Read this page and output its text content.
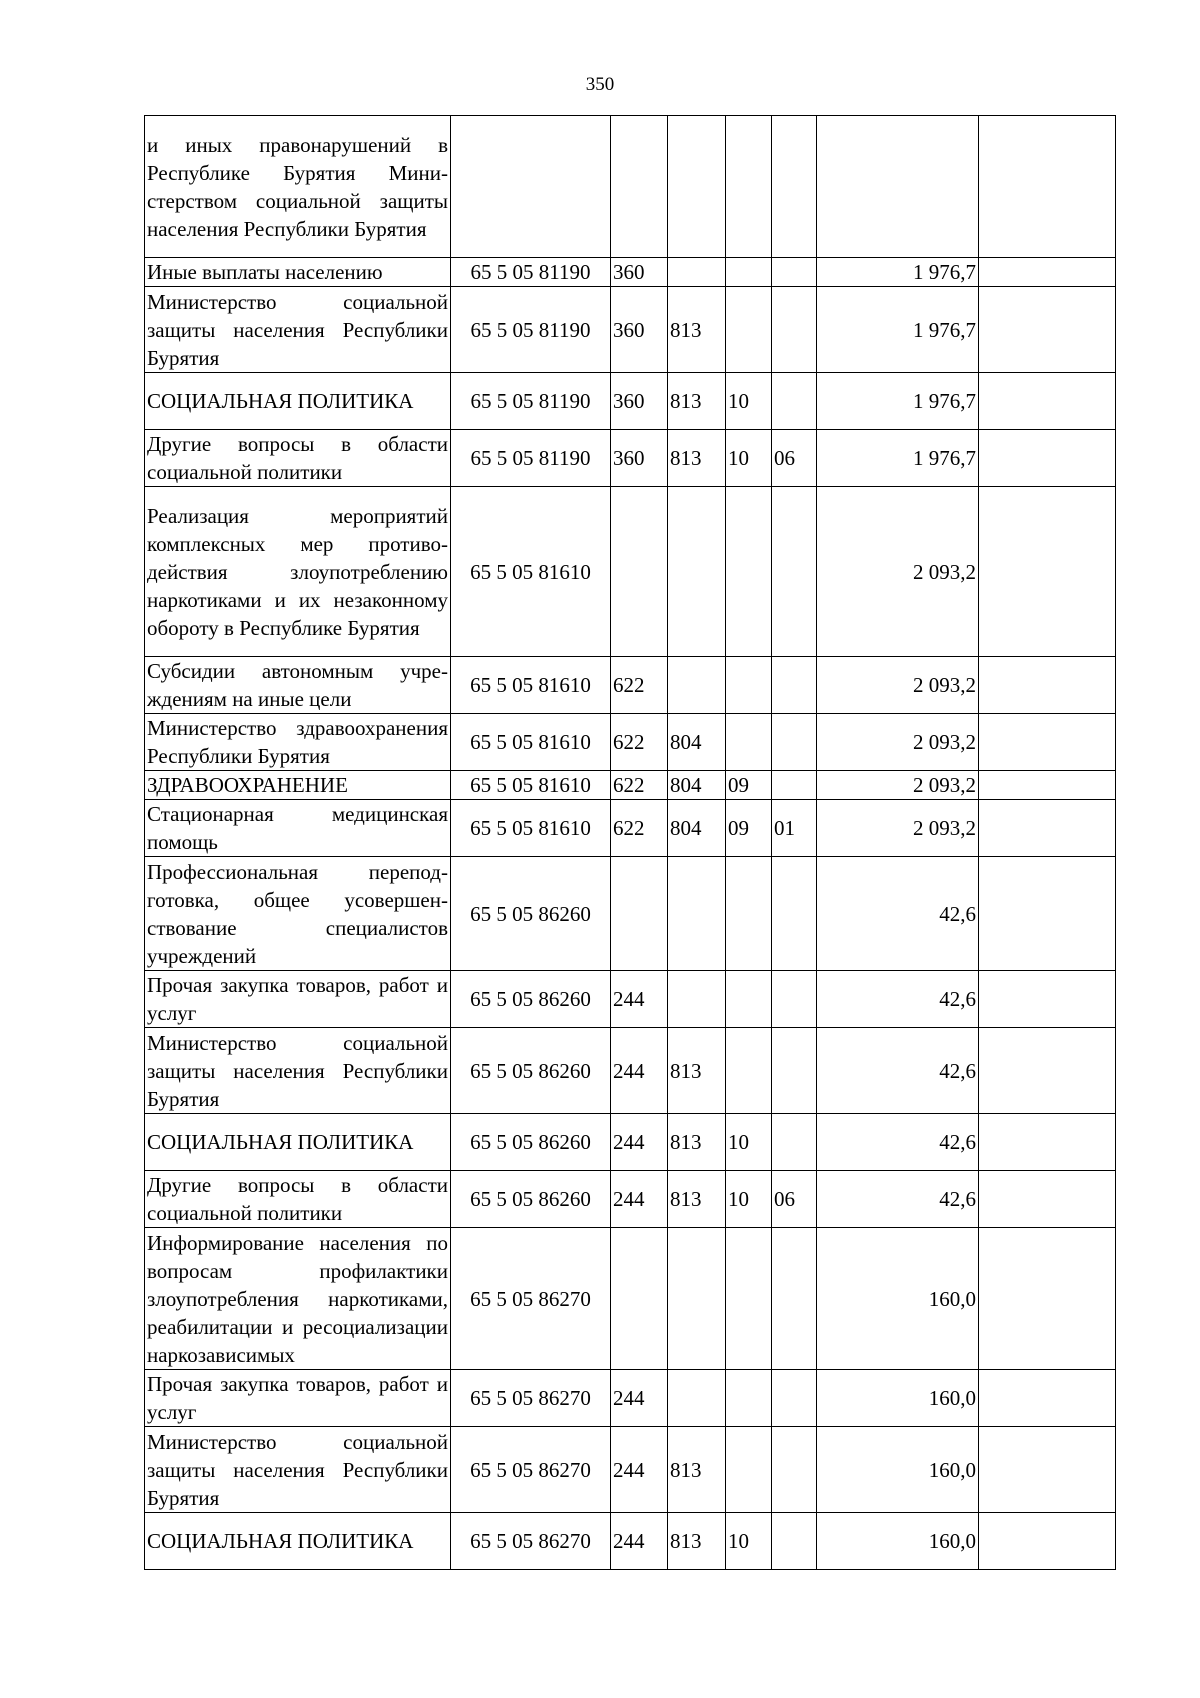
350
и иных правонарушений в Республике Бурятия Министерством социальной защиты населения Республики Бурятия							
Иные выплаты населению	65 5 05 81190	360				1 976,7	
Министерство социальной защиты населения Республики Бурятия	65 5 05 81190	360	813			1 976,7	
СОЦИАЛЬНАЯ ПОЛИТИКА	65 5 05 81190	360	813	10		1 976,7	
Другие вопросы в области социальной политики	65 5 05 81190	360	813	10	06	1 976,7	
Реализация мероприятий комплексных мер противодействия злоупотреблению наркотиками и их незаконному обороту в Республике Бурятия	65 5 05 81610					2 093,2	
Субсидии автономным учреждениям на иные цели	65 5 05 81610	622				2 093,2	
Министерство здравоохранения Республики Бурятия	65 5 05 81610	622	804			2 093,2	
ЗДРАВООХРАНЕНИЕ	65 5 05 81610	622	804	09		2 093,2	
Стационарная медицинская помощь	65 5 05 81610	622	804	09	01	2 093,2	
Профессиональная переподготовка, общее усовершенствование специалистов учреждений	65 5 05 86260					42,6	
Прочая закупка товаров, работ и услуг	65 5 05 86260	244				42,6	
Министерство социальной защиты населения Республики Бурятия	65 5 05 86260	244	813			42,6	
СОЦИАЛЬНАЯ ПОЛИТИКА	65 5 05 86260	244	813	10		42,6	
Другие вопросы в области социальной политики	65 5 05 86260	244	813	10	06	42,6	
Информирование населения по вопросам профилактики злоупотребления наркотиками, реабилитации и ресоциализации наркозависимых	65 5 05 86270					160,0	
Прочая закупка товаров, работ и услуг	65 5 05 86270	244				160,0	
Министерство социальной защиты населения Республики Бурятия	65 5 05 86270	244	813			160,0	
СОЦИАЛЬНАЯ ПОЛИТИКА	65 5 05 86270	244	813	10		160,0	
